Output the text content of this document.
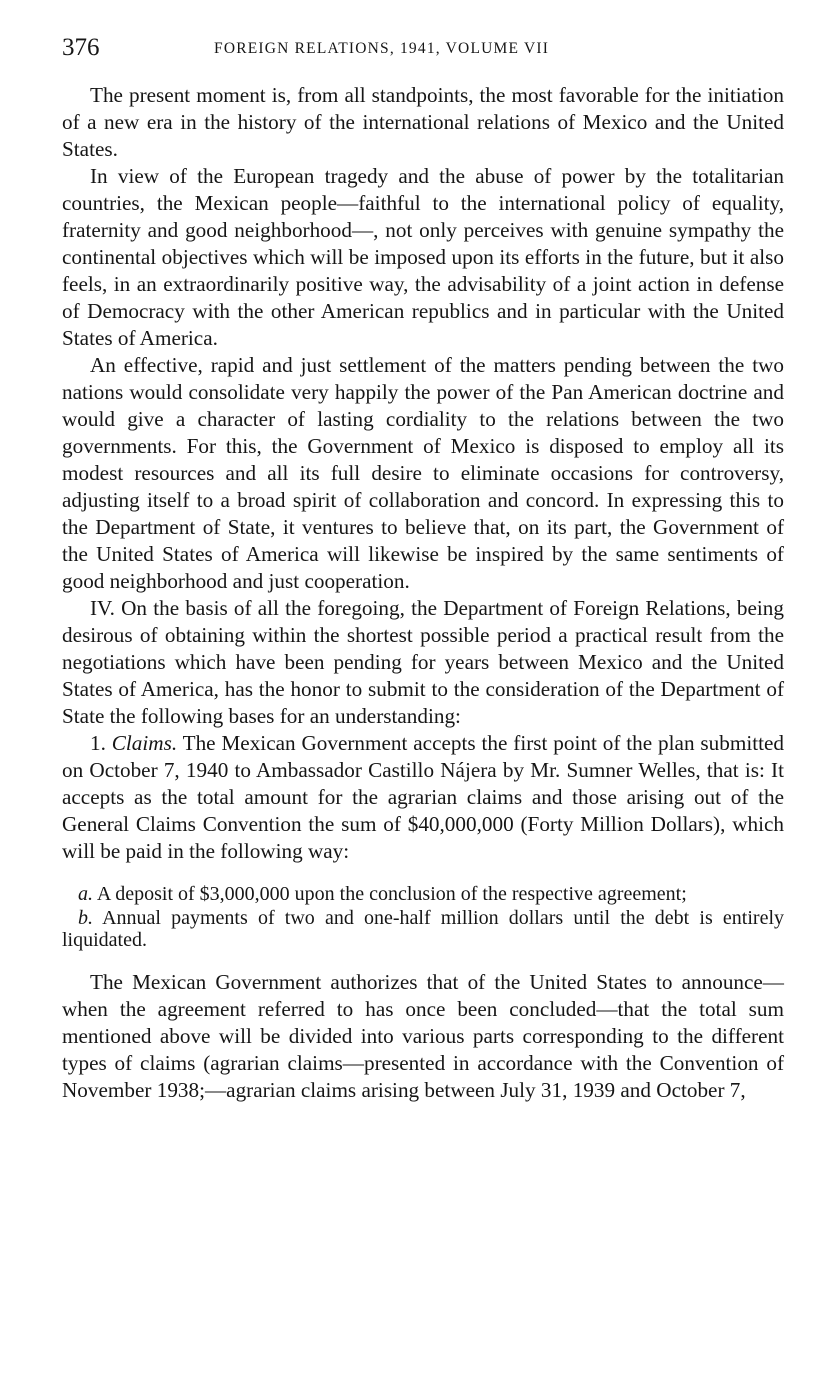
376	FOREIGN RELATIONS, 1941, VOLUME VII

The present moment is, from all standpoints, the most favorable for the initiation of a new era in the history of the international relations of Mexico and the United States.

In view of the European tragedy and the abuse of power by the totalitarian countries, the Mexican people—faithful to the international policy of equality, fraternity and good neighborhood—, not only perceives with genuine sympathy the continental objectives which will be imposed upon its efforts in the future, but it also feels, in an extraordinarily positive way, the advisability of a joint action in defense of Democracy with the other American republics and in particular with the United States of America.

An effective, rapid and just settlement of the matters pending between the two nations would consolidate very happily the power of the Pan American doctrine and would give a character of lasting cordiality to the relations between the two governments. For this, the Government of Mexico is disposed to employ all its modest resources and all its full desire to eliminate occasions for controversy, adjusting itself to a broad spirit of collaboration and concord. In expressing this to the Department of State, it ventures to believe that, on its part, the Government of the United States of America will likewise be inspired by the same sentiments of good neighborhood and just cooperation.

IV. On the basis of all the foregoing, the Department of Foreign Relations, being desirous of obtaining within the shortest possible period a practical result from the negotiations which have been pending for years between Mexico and the United States of America, has the honor to submit to the consideration of the Department of State the following bases for an understanding:

1. Claims. The Mexican Government accepts the first point of the plan submitted on October 7, 1940 to Ambassador Castillo Nájera by Mr. Sumner Welles, that is: It accepts as the total amount for the agrarian claims and those arising out of the General Claims Convention the sum of $40,000,000 (Forty Million Dollars), which will be paid in the following way:

a. A deposit of $3,000,000 upon the conclusion of the respective agreement;
b. Annual payments of two and one-half million dollars until the debt is entirely liquidated.

The Mexican Government authorizes that of the United States to announce—when the agreement referred to has once been concluded—that the total sum mentioned above will be divided into various parts corresponding to the different types of claims (agrarian claims—presented in accordance with the Convention of November 1938;—agrarian claims arising between July 31, 1939 and October 7,
